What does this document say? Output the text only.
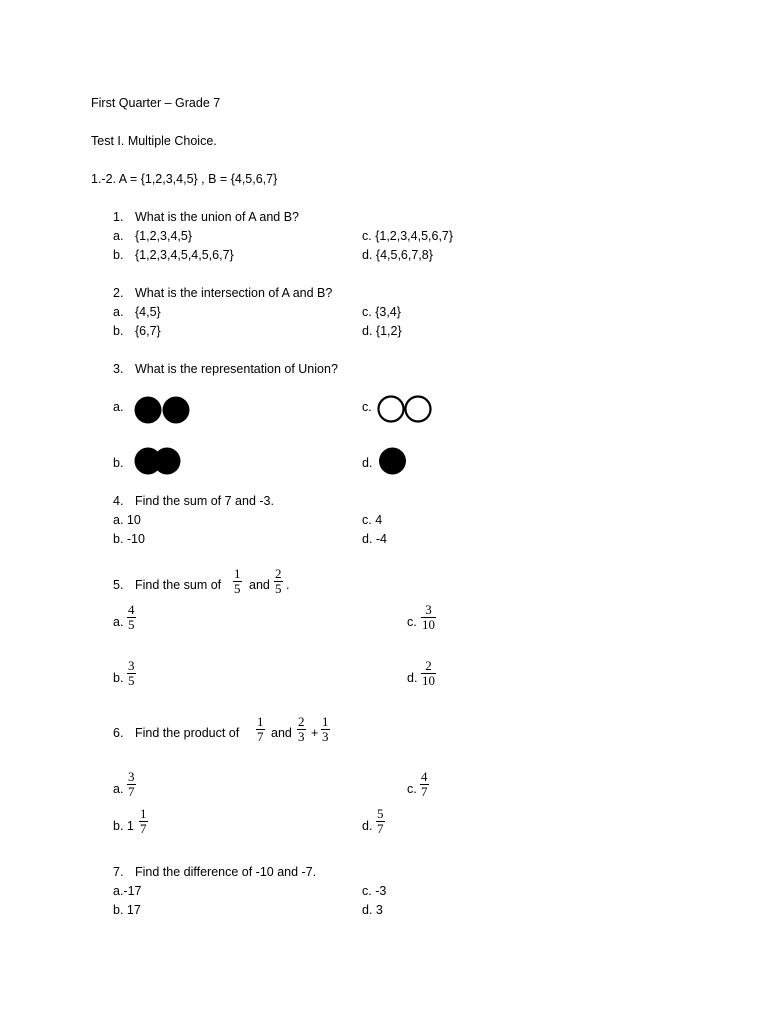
First Quarter – Grade 7
Test I. Multiple Choice.
1.-2. A = {1,2,3,4,5} , B = {4,5,6,7}
1. What is the union of A and B?
a. {1,2,3,4,5}
b. {1,2,3,4,5,4,5,6,7}
c. {1,2,3,4,5,6,7}
d. {4,5,6,7,8}
2. What is the intersection of A and B?
a. {4,5}
b. {6,7}
c. {3,4}
d. {1,2}
3. What is the representation of Union?
a.	c.
b.	d.
4. Find the sum of 7 and -3.
a. 10
b. -10
c. 4
d. -4
5. Find the sum of
1
5 and
2
5 .
a.
4
5	c.
3
10
b.
3
5	d.
2
10
6. Find the product of
1
7 and
2
3 +
1
3
a.
3
7	c.
4
7
b. 1
1
7	d.
5
7
7. Find the difference of -10 and -7.
a.-17
b. 17
c. -3
d. 3
